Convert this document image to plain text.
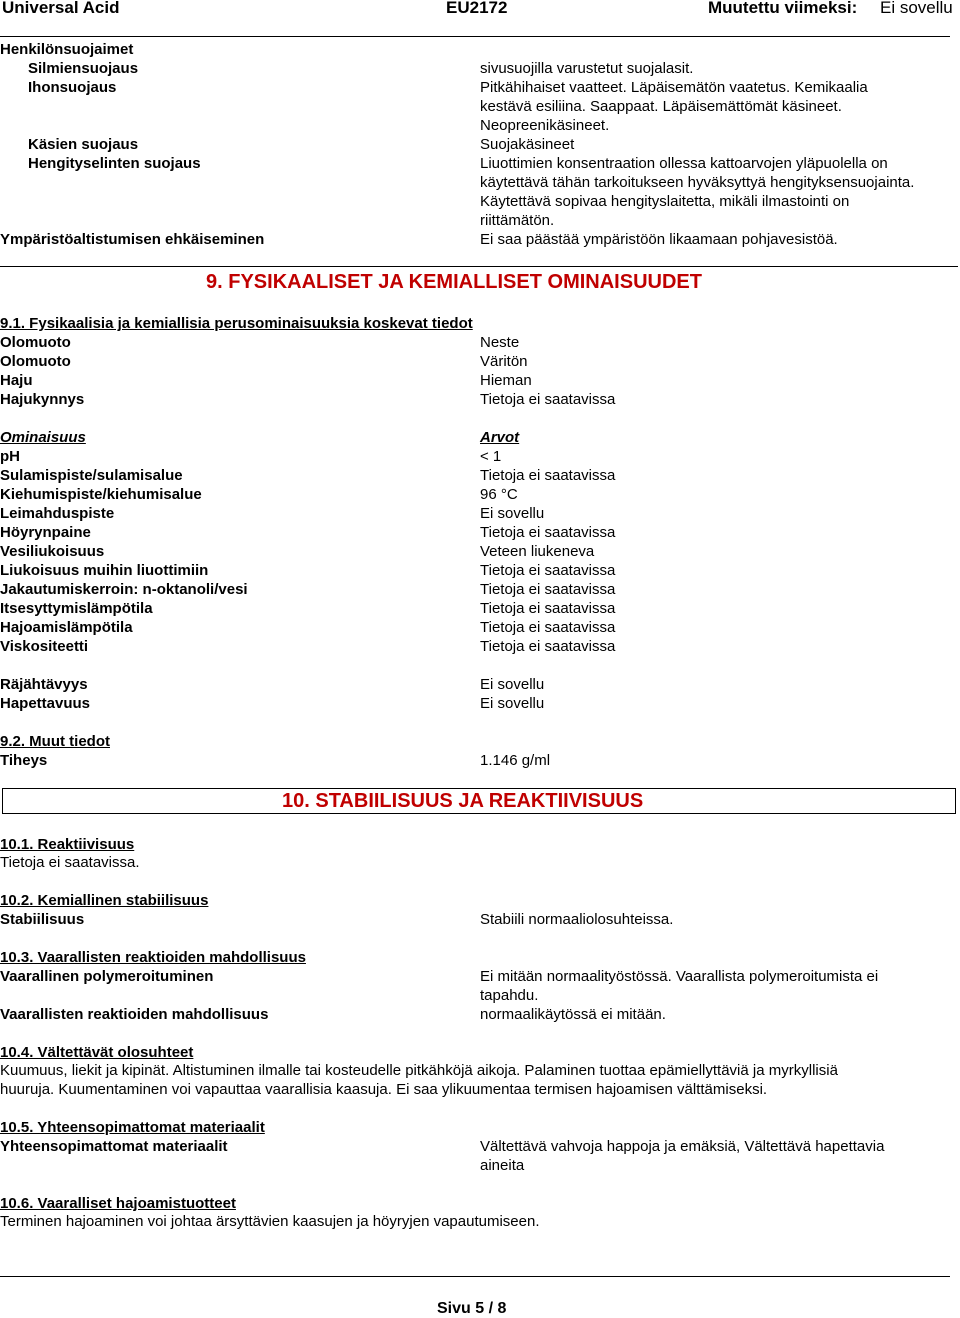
Universal Acid	EU2172	Muutettu viimeksi: Ei sovellu
Henkilönsuojaimet
Silmiensuojaus	sivusuojilla varustetut suojalasit.
Ihonsuojaus	Pitkähihaiset vaatteet. Läpäisemätön vaatetus. Kemikaalia
kestävä esiliina. Saappaat. Läpäisemättömät käsineet.
Neopreenikäsineet.
Käsien suojaus	Suojakäsineet
Hengityselinten suojaus	Liuottimien konsentraation ollessa kattoarvojen yläpuolella on
käytettävä tähän tarkoitukseen hyväksyttyä hengityksensuojainta.
Käytettävä sopivaa hengityslaitetta, mikäli ilmastointi on
riittämätön.
Ympäristöaltistumisen ehkäiseminen	Ei saa päästää ympäristöön likaamaan pohjavesistöä.
9. FYSIKAALISET JA KEMIALLISET OMINAISUUDET
9.1. Fysikaalisia ja kemiallisia perusominaisuuksia koskevat tiedot
Olomuoto	Neste
Olomuoto	Väritön
Haju	Hieman
Hajukynnys	Tietoja ei saatavissa
Ominaisuus	Arvot
pH	< 1
Sulamispiste/sulamisalue	Tietoja ei saatavissa
Kiehumispiste/kiehumisalue	96 °C
Leimahduspiste	Ei sovellu
Höyrynpaine	Tietoja ei saatavissa
Vesiliukoisuus	Veteen liukeneva
Liukoisuus muihin liuottimiin	Tietoja ei saatavissa
Jakautumiskerroin: n-oktanoli/vesi	Tietoja ei saatavissa
Itsesyttymislämpötila	Tietoja ei saatavissa
Hajoamislämpötila	Tietoja ei saatavissa
Viskositeetti	Tietoja ei saatavissa
Räjähtävyys	Ei sovellu
Hapettavuus	Ei sovellu
9.2. Muut tiedot
Tiheys	1.146 g/ml
10. STABIILISUUS JA REAKTIIVISUUS
10.1. Reaktiivisuus
Tietoja ei saatavissa.
10.2. Kemiallinen stabiilisuus
Stabiilisuus	Stabiili normaaliolosuhteissa.
10.3. Vaarallisten reaktioiden mahdollisuus
Vaarallinen polymeroituminen	Ei mitään normaalityöstössä. Vaarallista polymeroitumista ei
tapahdu.
Vaarallisten reaktioiden mahdollisuus	normaalikäytössä ei mitään.
10.4. Vältettävät olosuhteet
Kuumuus, liekit ja kipinät. Altistuminen ilmalle tai kosteudelle pitkähköjä aikoja. Palaminen tuottaa epämiellyttäviä ja myrkyllisiä
huuruja. Kuumentaminen voi vapauttaa vaarallisia kaasuja. Ei saa ylikuumentaa termisen hajoamisen välttämiseksi.
10.5. Yhteensopimattomat materiaalit
Yhteensopimattomat materiaalit	Vältettävä vahvoja happoja ja emäksiä, Vältettävä hapettavia
aineita
10.6. Vaaralliset hajoamistuotteet
Terminen hajoaminen voi johtaa ärsyttävien kaasujen ja höyryjen vapautumiseen.
Sivu 5 / 8
